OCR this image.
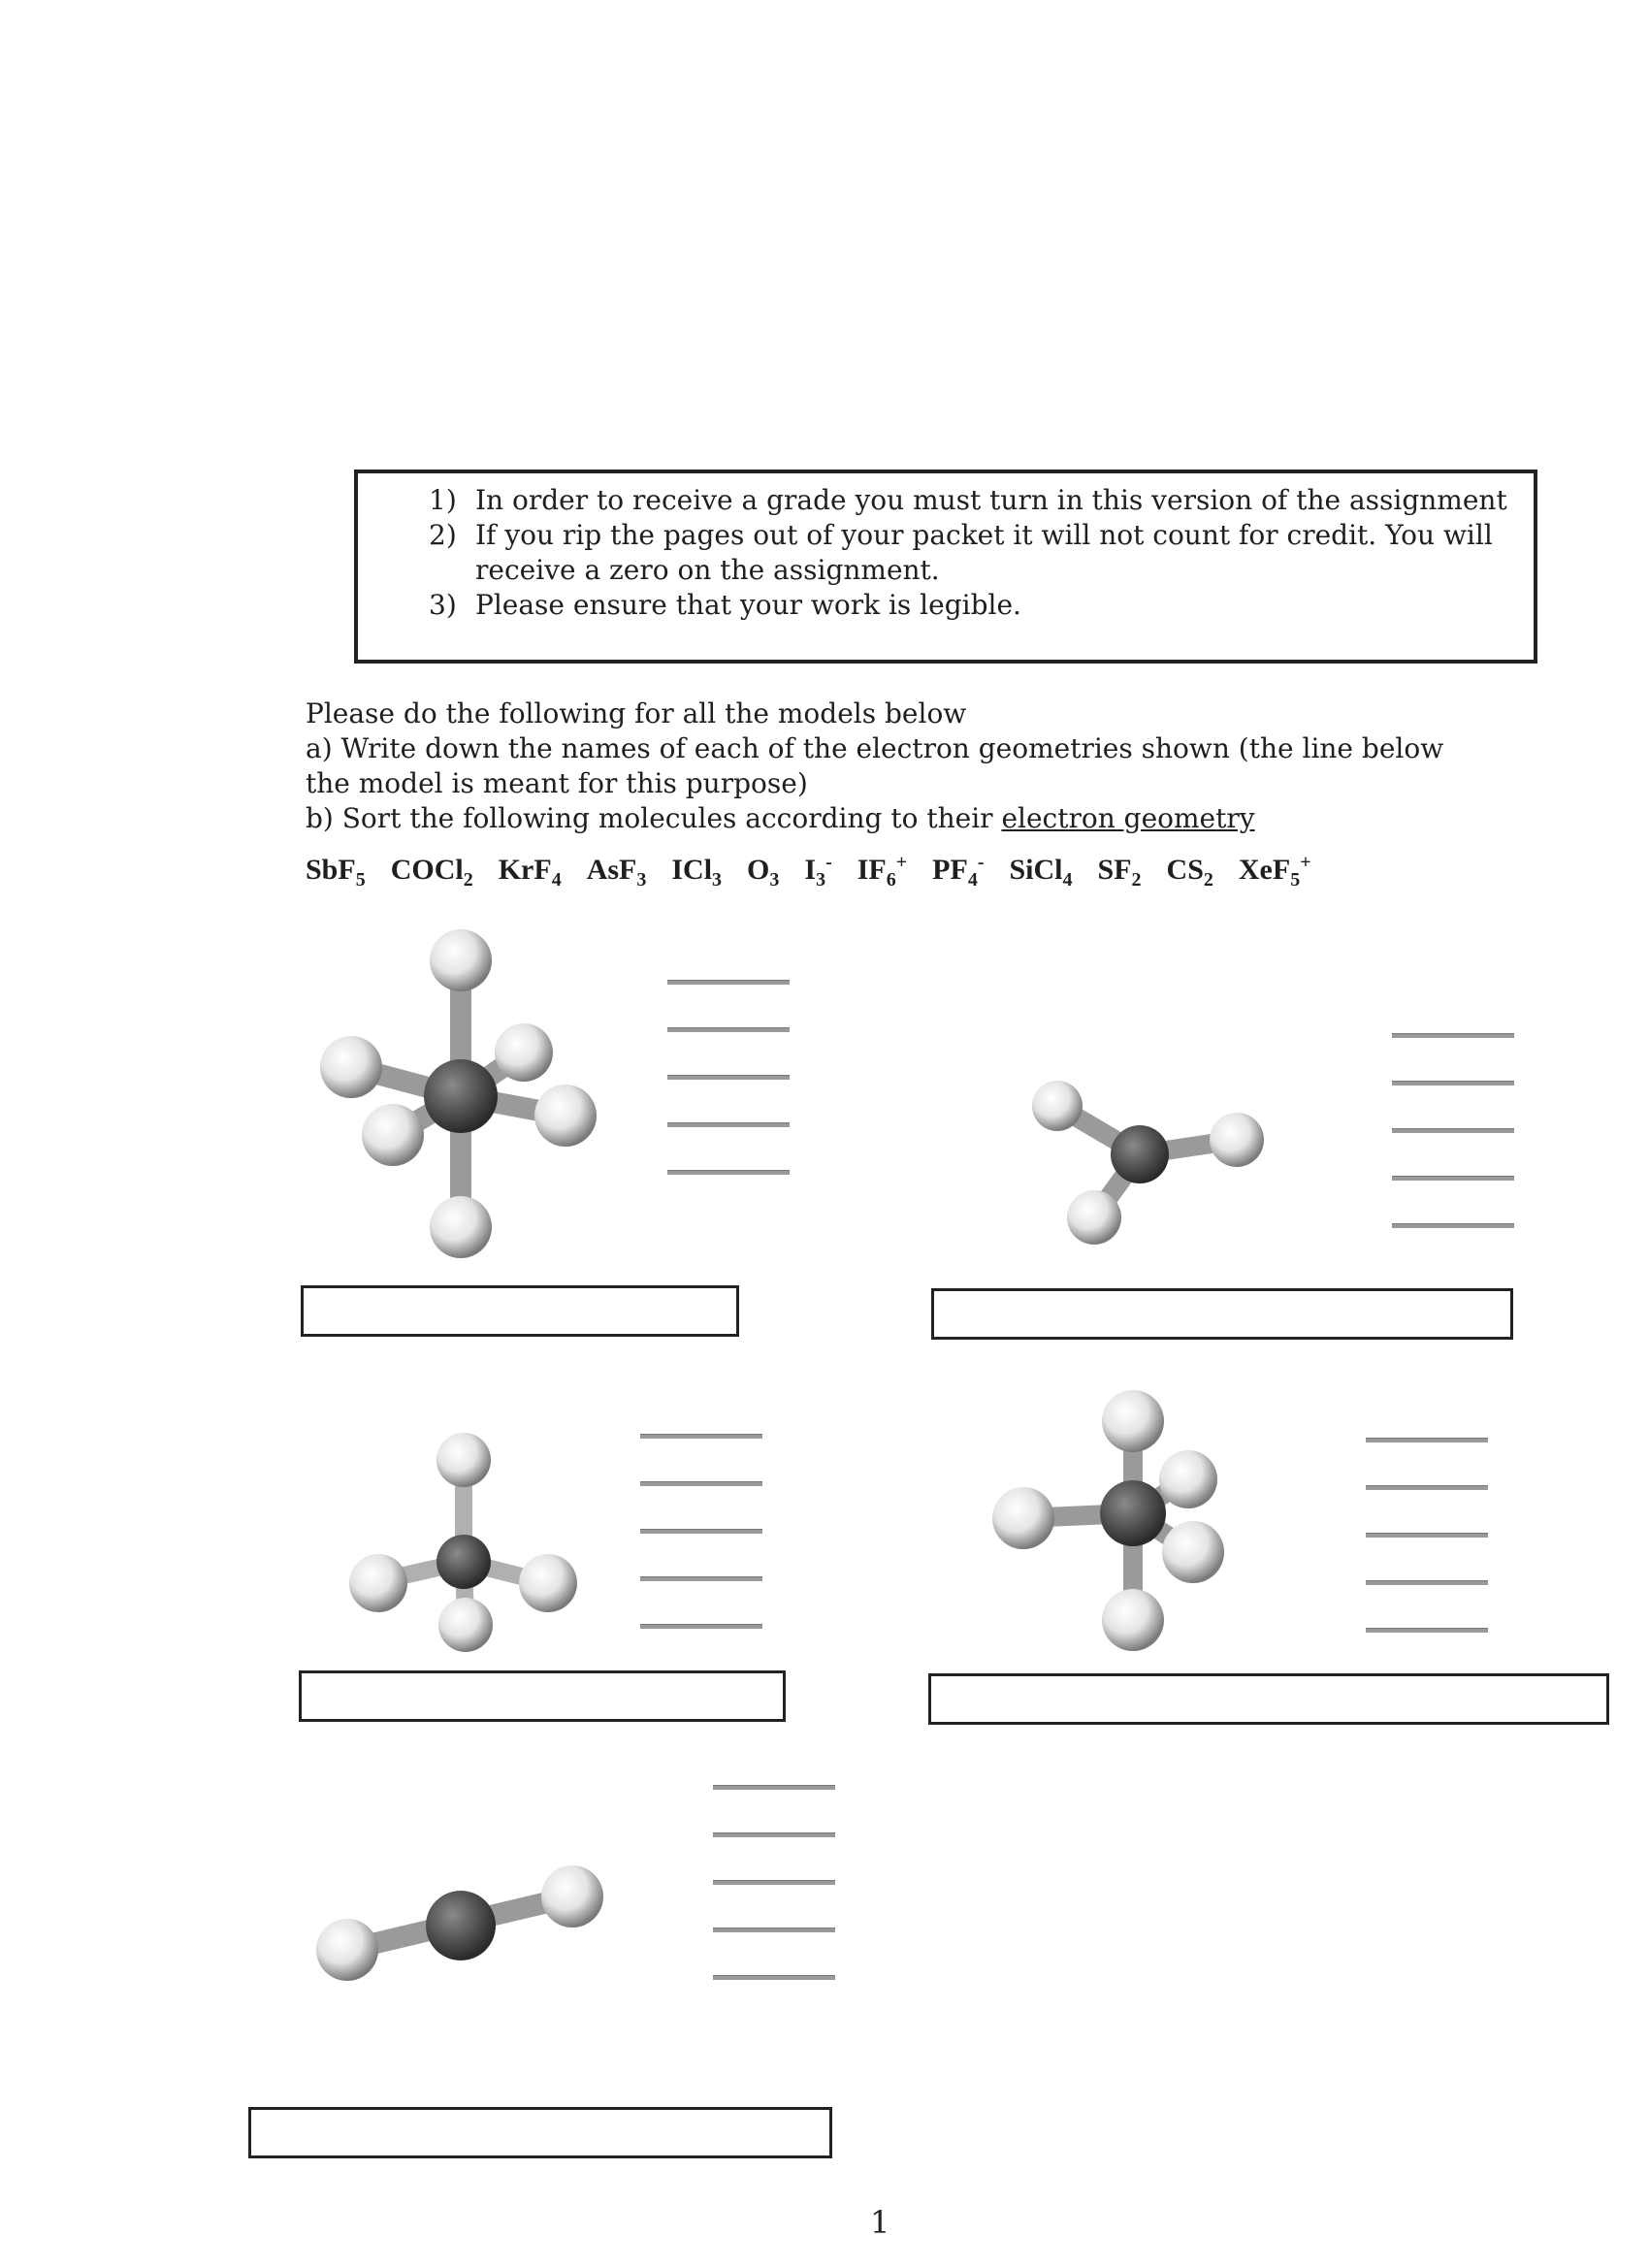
1) In order to receive a grade you must turn in this version of the assignment
2) If you rip the pages out of your packet it will not count for credit. You will receive a zero on the assignment.
3) Please ensure that your work is legible.

Please do the following for all the models below

a) Write down the names of each of the electron geometries shown (the line below the model is meant for this purpose)

b) Sort the following molecules according to their electron geometry

SbF$_5$ COCl$_2$ KrF$_4$ AsF$_3$ ICl$_3$ $O_3$ $I_3^-$ $IF_6^+$ $PF_4^-$ SiCl$_4$ $SF_2$ $CS_2$ XeF$_5$+
1
